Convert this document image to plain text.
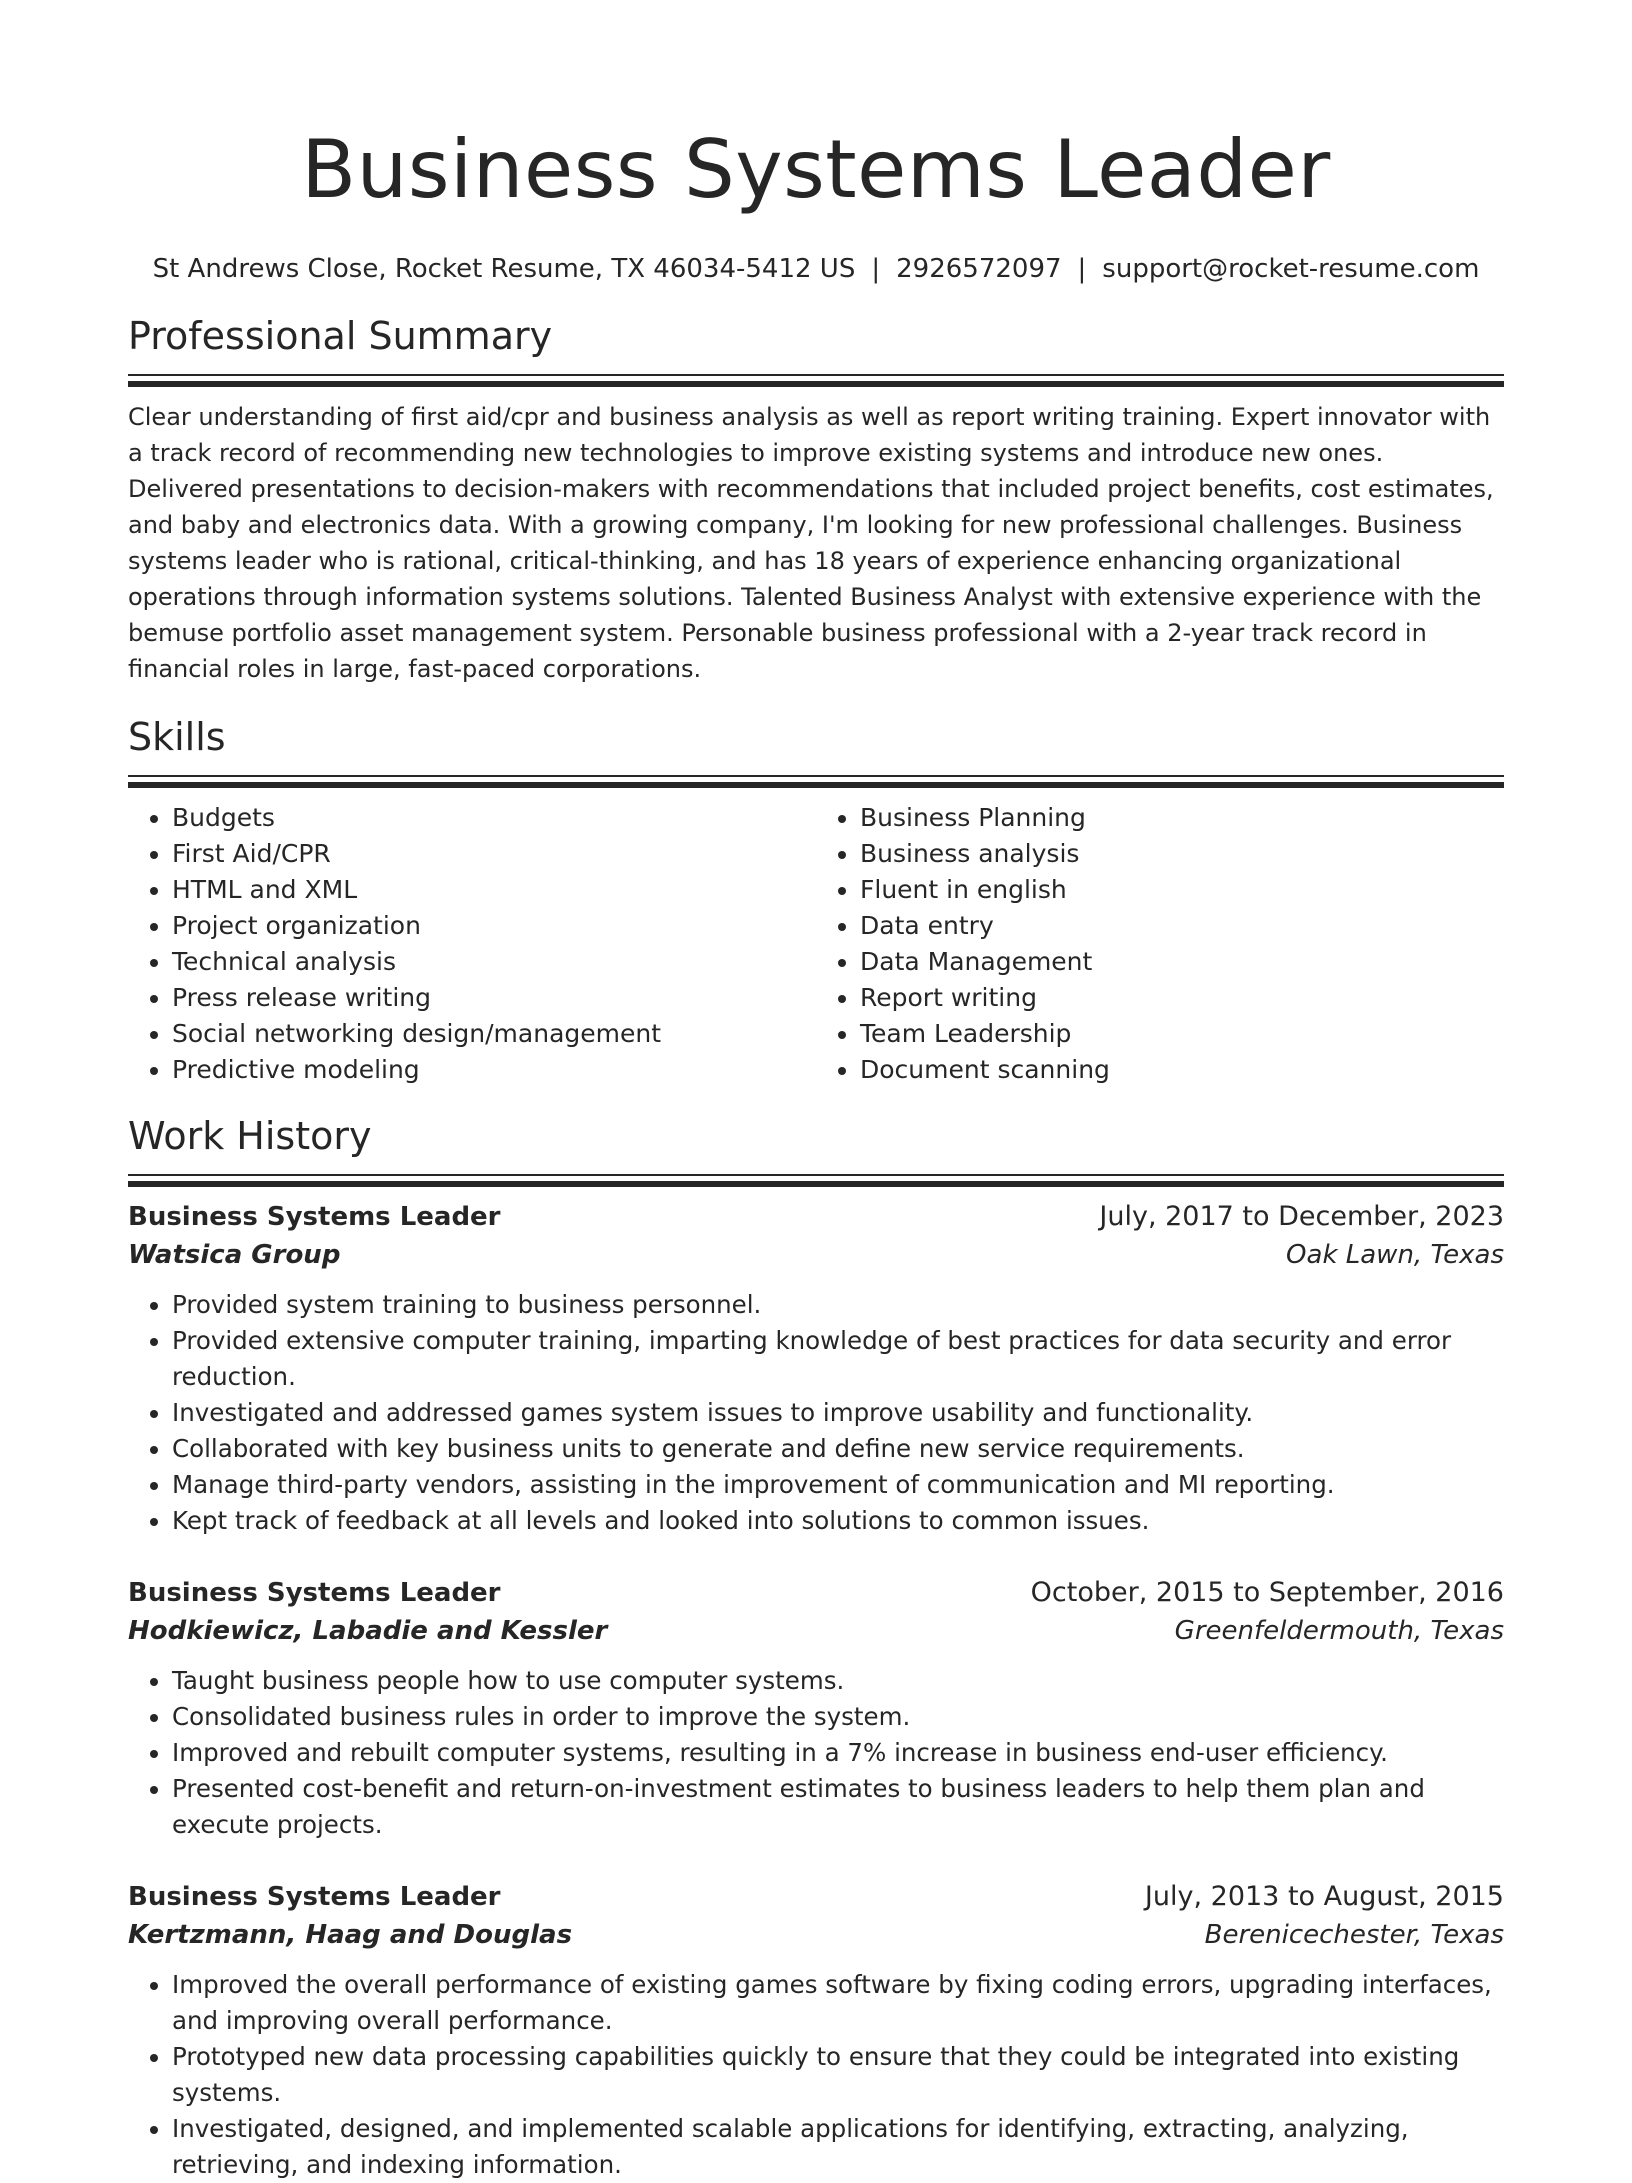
Business Systems Leader
St Andrews Close, Rocket Resume, TX 46034-5412 US | 2926572097 | support@rocket-resume.com
Professional Summary

Clear understanding of first aid/cpr and business analysis as well as report writing training. Expert innovator with a track record of recommending new technologies to improve existing systems and introduce new ones. Delivered presentations to decision-makers with recommendations that included project benefits, cost estimates, and baby and electronics data. With a growing company, I'm looking for new professional challenges. Business systems leader who is rational, critical-thinking, and has 18 years of experience enhancing organizational operations through information systems solutions. Talented Business Analyst with extensive experience with the bemuse portfolio asset management system. Personable business professional with a 2-year track record in financial roles in large, fast-paced corporations.

Skills
• Budgets
• First Aid/CPR
• HTML and XML
• Project organization
• Technical analysis
• Press release writing
• Social networking design/management
• Predictive modeling
• Business Planning
• Business analysis
• Fluent in english
• Data entry
• Data Management
• Report writing
• Team Leadership
• Document scanning
Work History
Business Systems Leader	July, 2017 to December, 2023
Watsica Group	Oak Lawn, Texas
• Provided system training to business personnel.
• Provided extensive computer training, imparting knowledge of best practices for data security and error reduction.
• Investigated and addressed games system issues to improve usability and functionality.
• Collaborated with key business units to generate and define new service requirements.
• Manage third-party vendors, assisting in the improvement of communication and MI reporting.
• Kept track of feedback at all levels and looked into solutions to common issues.
Business Systems Leader	October, 2015 to September, 2016
Hodkiewicz, Labadie and Kessler	Greenfeldermouth, Texas
• Taught business people how to use computer systems.
• Consolidated business rules in order to improve the system.
• Improved and rebuilt computer systems, resulting in a 7% increase in business end-user efficiency.
• Presented cost-benefit and return-on-investment estimates to business leaders to help them plan and execute projects.
Business Systems Leader	July, 2013 to August, 2015
Kertzmann, Haag and Douglas	Berenicechester, Texas
• Improved the overall performance of existing games software by fixing coding errors, upgrading interfaces, and improving overall performance.
• Prototyped new data processing capabilities quickly to ensure that they could be integrated into existing systems.
• Investigated, designed, and implemented scalable applications for identifying, extracting, analyzing, retrieving, and indexing information.
